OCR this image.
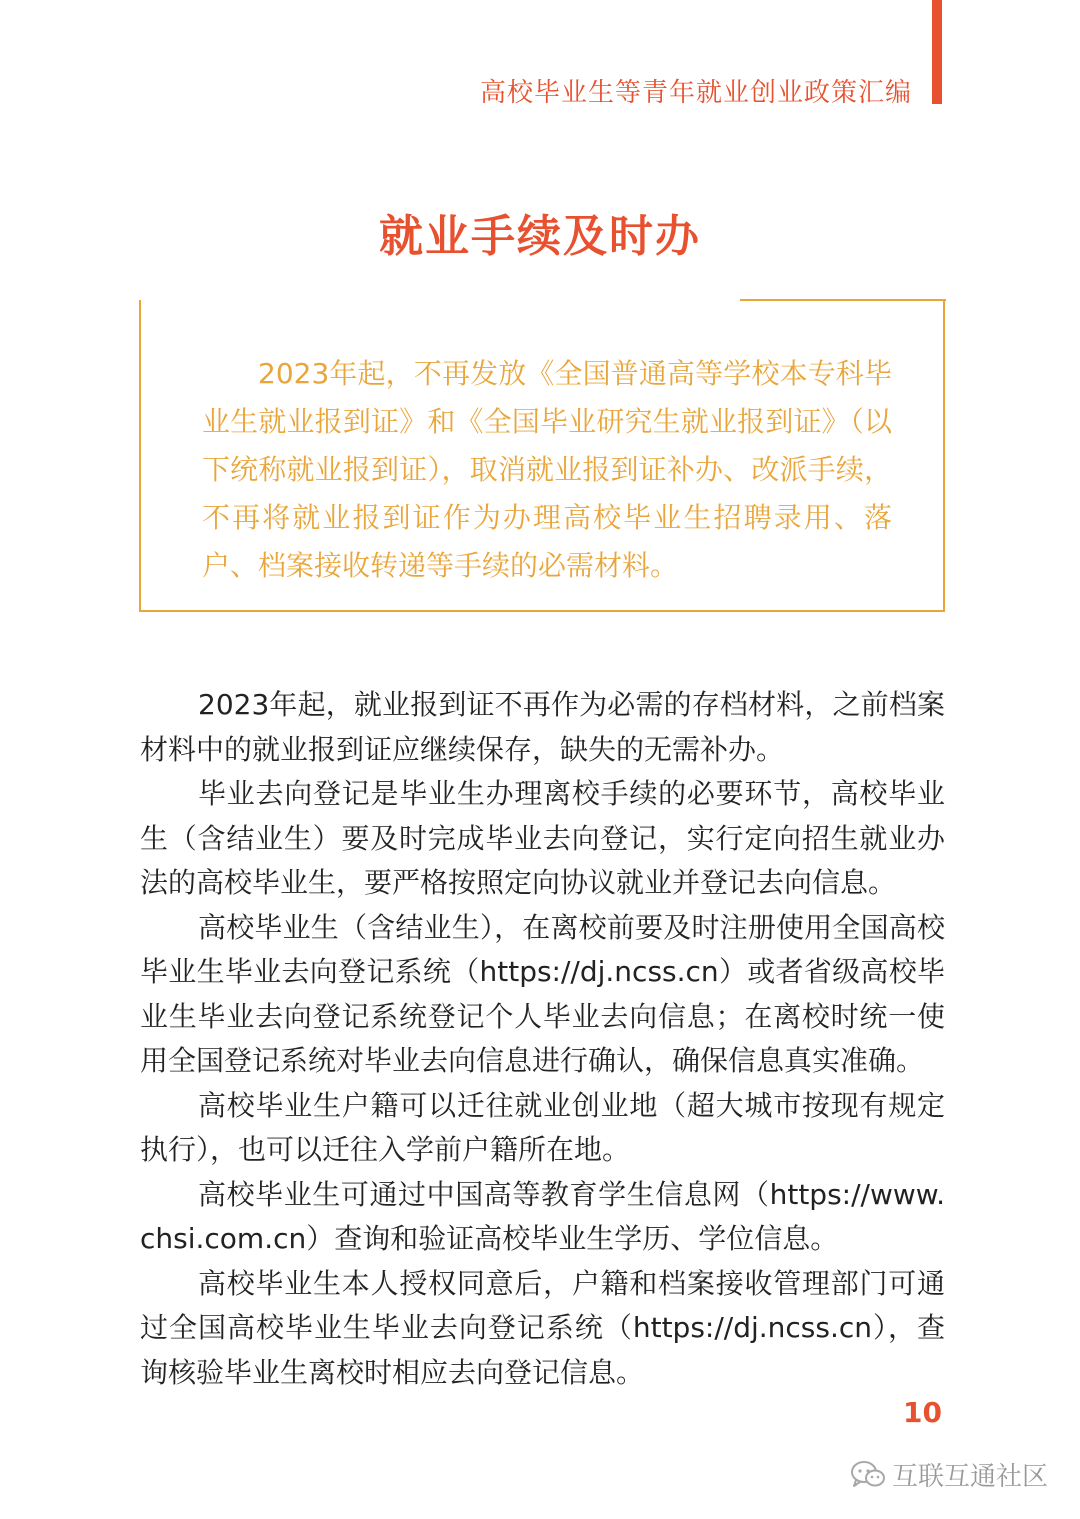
高校毕业生等青年就业创业政策汇编
就业手续及时办

2023年起，不再发放《全国普通高等学校本专科毕业生就业报到证》和《全国毕业研究生就业报到证》（以下统称就业报到证），取消就业报到证补办、改派手续，不再将就业报到证作为办理高校毕业生招聘录用、落户、档案接收转递等手续的必需材料。

2023年起，就业报到证不再作为必需的存档材料，之前档案材料中的就业报到证应继续保存，缺失的无需补办。

毕业去向登记是毕业生办理离校手续的必要环节，高校毕业生（含结业生）要及时完成毕业去向登记，实行定向招生就业办法的高校毕业生，要严格按照定向协议就业并登记去向信息。

高校毕业生（含结业生），在离校前要及时注册使用全国高校毕业生毕业去向登记系统（https://dj.ncss.cn）或者省级高校毕业生毕业去向登记系统登记个人毕业去向信息；在离校时统一使用全国登记系统对毕业去向信息进行确认，确保信息真实准确。

高校毕业生户籍可以迁往就业创业地（超大城市按现有规定执行），也可以迁往入学前户籍所在地。

高校毕业生可通过中国高等教育学生信息网（https://www.chsi.com.cn）查询和验证高校毕业生学历、学位信息。

高校毕业生本人授权同意后，户籍和档案接收管理部门可通过全国高校毕业生毕业去向登记系统（https://dj.ncss.cn），查询核验毕业生离校时相应去向登记信息。

10
互联互通社区
